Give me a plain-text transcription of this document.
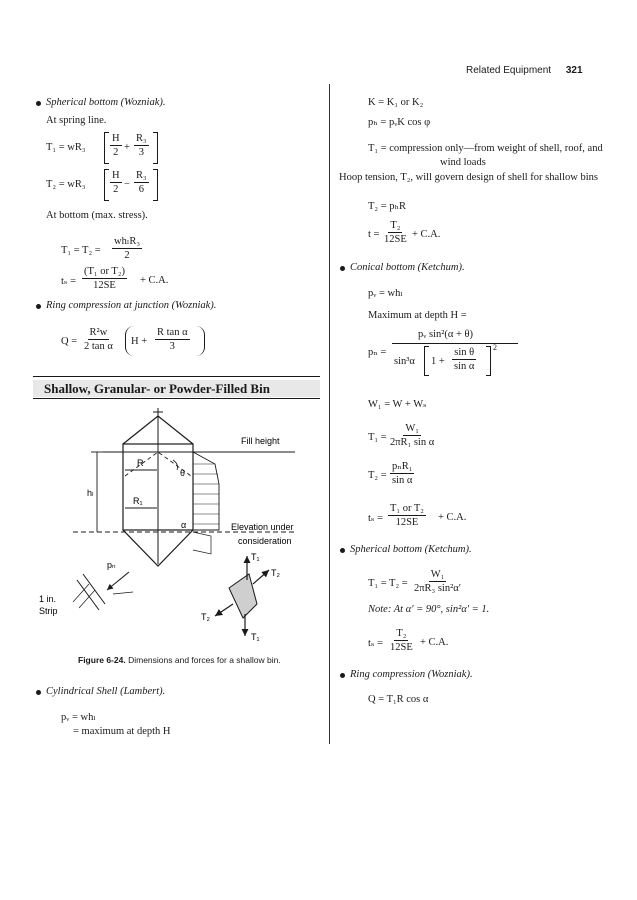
Related Equipment 321
Spherical bottom (Wozniak).
At spring line.
$T_1 = wR_3 \frac{H}{2} + \frac{\text{R₃}}{3}$
$T_2 = wR_3 \frac{H}{2} - \frac{\text{R₃}}{6}$
At bottom (max. stress).
T₁ = T₂ =
whₗR₃
2
$t_s = \frac{\text{(T₁ or T₂)}}{12SE} + C.A$.
Ring compression at junction (Wozniak).
$Q = \frac{\text{R²w}}{\text{2 tan α}}$ $H + \frac{\text{R tan α}}{3}$
Shallow, Granular- or Powder-Filled Bin
Fill height
R
θ
R₁
hₗ
Elevation under
consideration
α
pₙ
1 in.
Strip
T₁
T₂
T₂
T₁
Figure 6-24. Dimensions and forces for a shallow bin.
Cylindrical Shell (Lambert).
pᵥ = whₗ
= maximum at depth H
K = K₁ or K₂
pₕ = pᵥK cos φ
T₁ = compression only—from weight of shell, roof, and
wind loads
Hoop tension, T₂, will govern design of shell for shallow bins
T₂ = pₕR
$t = \frac{\text{T₂}}{12SE} + C.A$.
Conical bottom (Ketchum).
pᵥ = whₗ
Maximum at depth H =
pₙ =
pᵥ sin²(α + θ)
sin³α $1 + \frac{\text{sin θ}}{\text{sin α}} 2$
W₁ = W + Wₛ
$T_1 = \frac{\text{W₁}}{\text{2πR₁ sin α}}$
T₂ =
pₙR₁
sin α
$t_s = \frac{\text{T₁ or T₂}}{12SE} + C.A$.
Spherical bottom (Ketchum).
$T_1 = T_2 = \frac{\text{W₁}}{\text{2πR₃ sin²α′}}$
Note: At α′ = 90°, sin²α′ = 1.
$t_s = \frac{\text{T₂}}{12SE} + C.A$.
Ring compression (Wozniak).
Q = T₁R cos α
